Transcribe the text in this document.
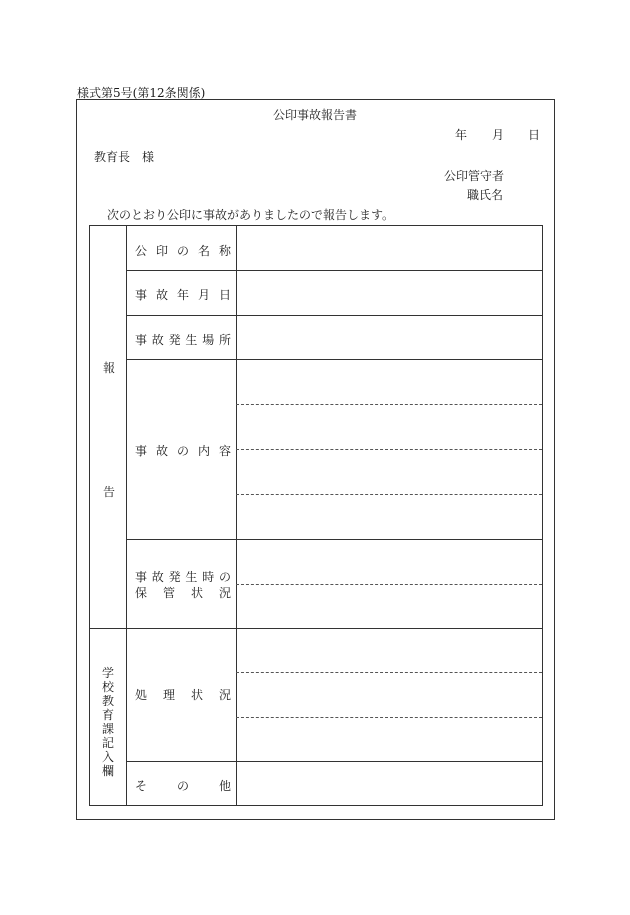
様式第5号(第12条関係)
公印事故報告書
年 月 日
教育長　様
公印管守者
職氏名
次のとおり公印に事故がありましたので報告します。
報
告
学
校
教
育
課
記
入
欄
公 印 の 名 称
事 故 年 月 日
事 故 発 生 場 所
事 故 の 内 容
事 故 発 生 時 の
保 管 状 況
処 理 状 況
そ の 他
